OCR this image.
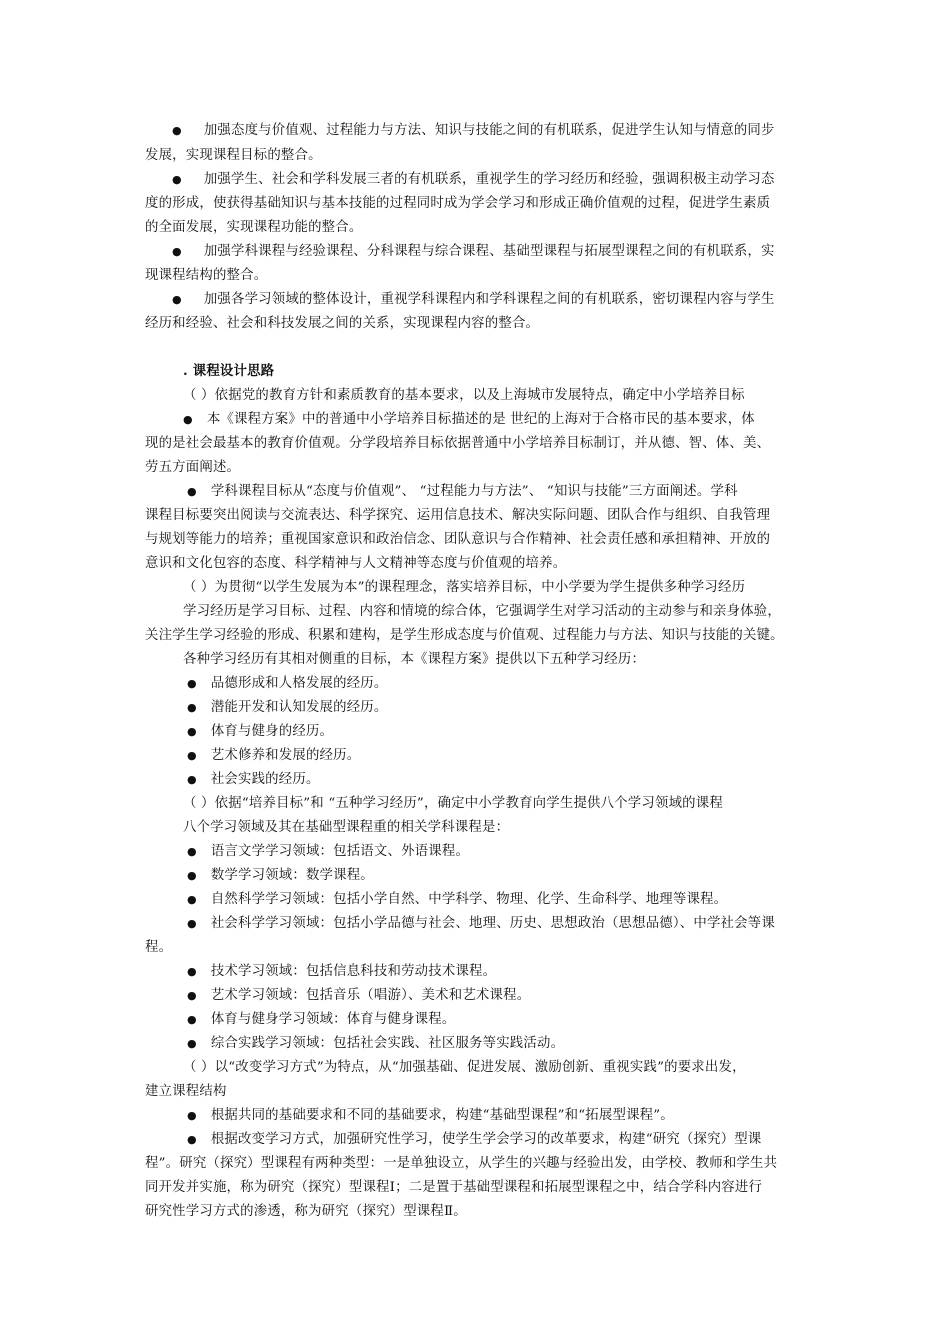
● 加强态度与价值观、过程能力与方法、知识与技能之间的有机联系，促进学生认知与情意的同步
发展，实现课程目标的整合。
● 加强学生、社会和学科发展三者的有机联系，重视学生的学习经历和经验，强调积极主动学习态
度的形成，使获得基础知识与基本技能的过程同时成为学会学习和形成正确价值观的过程，促进学生素质
的全面发展，实现课程功能的整合。
● 加强学科课程与经验课程、分科课程与综合课程、基础型课程与拓展型课程之间的有机联系，实
现课程结构的整合。
● 加强各学习领域的整体设计，重视学科课程内和学科课程之间的有机联系，密切课程内容与学生
经历和经验、社会和科技发展之间的关系，实现课程内容的整合。
. 课程设计思路
（ ）依据党的教育方针和素质教育的基本要求，以及上海城市发展特点，确定中小学培养目标
● 本《课程方案》中的普通中小学培养目标描述的是 世纪的上海对于合格市民的基本要求，体
现的是社会最基本的教育价值观。分学段培养目标依据普通中小学培养目标制订，并从德、智、体、美、
劳五方面阐述。
● 学科课程目标从“态度与价值观”、 “过程能力与方法”、 “知识与技能”三方面阐述。学科
课程目标要突出阅读与交流表达、科学探究、运用信息技术、解决实际问题、团队合作与组织、自我管理
与规划等能力的培养；重视国家意识和政治信念、团队意识与合作精神、社会责任感和承担精神、开放的
意识和文化包容的态度、科学精神与人文精神等态度与价值观的培养。
（ ）为贯彻“以学生发展为本”的课程理念，落实培养目标，中小学要为学生提供多种学习经历
学习经历是学习目标、过程、内容和情境的综合体，它强调学生对学习活动的主动参与和亲身体验，
关注学生学习经验的形成、积累和建构，是学生形成态度与价值观、过程能力与方法、知识与技能的关键。
各种学习经历有其相对侧重的目标，本《课程方案》提供以下五种学习经历：
● 品德形成和人格发展的经历。
● 潜能开发和认知发展的经历。
● 体育与健身的经历。
● 艺术修养和发展的经历。
● 社会实践的经历。
（ ）依据“培养目标”和 “五种学习经历”，确定中小学教育向学生提供八个学习领域的课程
八个学习领域及其在基础型课程重的相关学科课程是：
● 语言文学学习领域：包括语文、外语课程。
● 数学学习领域：数学课程。
● 自然科学学习领域：包括小学自然、中学科学、物理、化学、生命科学、地理等课程。
● 社会科学学习领域：包括小学品德与社会、地理、历史、思想政治（思想品德）、中学社会等课
程。
● 技术学习领域：包括信息科技和劳动技术课程。
● 艺术学习领域：包括音乐（唱游）、美术和艺术课程。
● 体育与健身学习领域：体育与健身课程。
● 综合实践学习领域：包括社会实践、社区服务等实践活动。
（ ）以“改变学习方式”为特点，从“加强基础、促进发展、激励创新、重视实践”的要求出发，
建立课程结构
● 根据共同的基础要求和不同的基础要求，构建“基础型课程”和“拓展型课程”。
● 根据改变学习方式，加强研究性学习，使学生学会学习的改革要求，构建“研究（探究）型课
程”。研究（探究）型课程有两种类型：一是单独设立，从学生的兴趣与经验出发，由学校、教师和学生共
同开发并实施，称为研究（探究）型课程Ⅰ；二是置于基础型课程和拓展型课程之中，结合学科内容进行
研究性学习方式的渗透，称为研究（探究）型课程Ⅱ。
